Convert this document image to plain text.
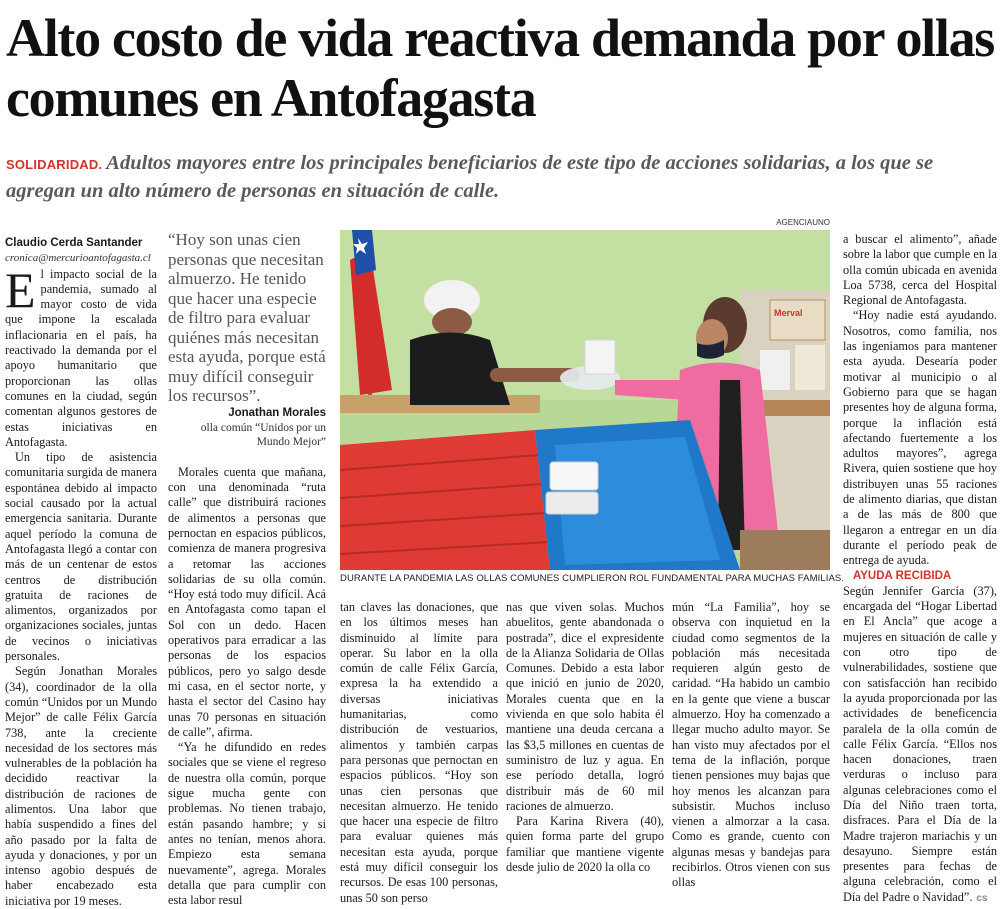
Alto costo de vida reactiva demanda por ollas comunes en Antofagasta

SOLIDARIDAD. Adultos mayores entre los principales beneficiarios de este tipo de acciones solidarias, a los que se agregan un alto número de personas en situación de calle.

Claudio Cerda Santander

cronica@mercurioantofagasta.cl

El impacto social de la pandemia, sumado al mayor costo de vida que impone la escalada inflacionaria en el país, ha reactivado la demanda por el apoyo humanitario que proporcionan las ollas comunes en la ciudad, según comentan algunos gestores de estas iniciativas en Antofagasta.

Un tipo de asistencia comunitaria surgida de manera espontánea debido al impacto social causado por la actual emergencia sanitaria. Durante aquel período la comuna de Antofagasta llegó a contar con más de un centenar de estos centros de distribución gratuita de raciones de alimentos, organizados por organizaciones sociales, juntas de vecinos o iniciativas personales.

Según Jonathan Morales (34), coordinador de la olla común “Unidos por un Mundo Mejor” de calle Félix García 738, ante la creciente necesidad de los sectores más vulnerables de la población ha decidido reactivar la distribución de raciones de alimentos. Una labor que había suspendido a fines del año pasado por la falta de ayuda y donaciones, y por un intenso agobio después de haber encabezado esta iniciativa por 19 meses.

“Hoy son unas cien personas que necesitan almuerzo. He tenido que hacer una especie de filtro para evaluar quiénes más necesitan esta ayuda, porque está muy difícil conseguir los recursos”.

Jonathan Morales

olla común “Unidos por un Mundo Mejor”

Morales cuenta que mañana, con una denominada “ruta calle” que distribuirá raciones de alimentos a personas que pernoctan en espacios públicos, comienza de manera progresiva a retomar las acciones solidarias de su olla común. “Hoy está todo muy difícil. Acá en Antofagasta como tapan el Sol con un dedo. Hacen operativos para erradicar a las personas de los espacios públicos, pero yo salgo desde mi casa, en el sector norte, y hasta el sector del Casino hay unas 70 personas en situación de calle”, afirma.

“Ya he difundido en redes sociales que se viene el regreso de nuestra olla común, porque sigue mucha gente con problemas. No tienen trabajo, están pasando hambre; y si antes no tenían, menos ahora. Empiezo esta semana nuevamente”, agrega. Morales detalla que para cumplir con esta labor resul

AGENCIAUNO
Merval
DURANTE LA PANDEMIA LAS OLLAS COMUNES CUMPLIERON ROL FUNDAMENTAL PARA MUCHAS FAMILIAS.

tan claves las donaciones, que en los últimos meses han disminuido al límite para operar. Su labor en la olla común de calle Félix García, expresa la ha extendido a diversas iniciativas humanitarias, como distribución de vestuarios, alimentos y también carpas para personas que pernoctan en espacios públicos. “Hoy son unas cien personas que necesitan almuerzo. He tenido que hacer una especie de filtro para evaluar quienes más necesitan esta ayuda, porque está muy difícil conseguir los recursos. De esas 100 personas, unas 50 son perso

nas que viven solas. Muchos abuelitos, gente abandonada o postrada”, dice el expresidente de la Alianza Solidaria de Ollas Comunes. Debido a esta labor que inició en junio de 2020, Morales cuenta que en la vivienda en que solo habita él mantiene una deuda cercana a las $3,5 millones en cuentas de suministro de luz y agua. En ese período detalla, logró distribuir más de 60 mil raciones de almuerzo.

Para Karina Rivera (40), quien forma parte del grupo familiar que mantiene vigente desde julio de 2020 la olla co

mún “La Familia”, hoy se observa con inquietud en la ciudad como segmentos de la población más necesitada requieren algún gesto de caridad. “Ha habido un cambio en la gente que viene a buscar almuerzo. Hoy ha comenzado a llegar mucho adulto mayor. Se han visto muy afectados por el tema de la inflación, porque tienen pensiones muy bajas que hoy menos les alcanzan para subsistir. Muchos incluso vienen a almorzar a la casa. Como es grande, cuento con algunas mesas y bandejas para recibirlos. Otros vienen con sus ollas

a buscar el alimento”, añade sobre la labor que cumple en la olla común ubicada en avenida Loa 5738, cerca del Hospital Regional de Antofagasta.

“Hoy nadie está ayudando. Nosotros, como familia, nos las ingeniamos para mantener esta ayuda. Desearía poder motivar al municipio o al Gobierno para que se hagan presentes hoy de alguna forma, porque la inflación está afectando fuertemente a los adultos mayores”, agrega Rivera, quien sostiene que hoy distribuyen unas 55 raciones de alimento diarias, que distan a de las más de 800 que llegaron a entregar en un día durante el período peak de entrega de ayuda.

AYUDA RECIBIDA

Según Jennifer García (37), encargada del “Hogar Libertad en El Ancla” que acoge a mujeres en situación de calle y con otro tipo de vulnerabilidades, sostiene que con satisfacción han recibido la ayuda proporcionada por las actividades de beneficencia paralela de la olla común de calle Félix García. “Ellos nos hacen donaciones, traen verduras o incluso para algunas celebraciones como el Día del Niño traen torta, disfraces. Para el Día de la Madre trajeron mariachis y un desayuno. Siempre están presentes para fechas de alguna celebración, como el Día del Padre o Navidad”. cs
